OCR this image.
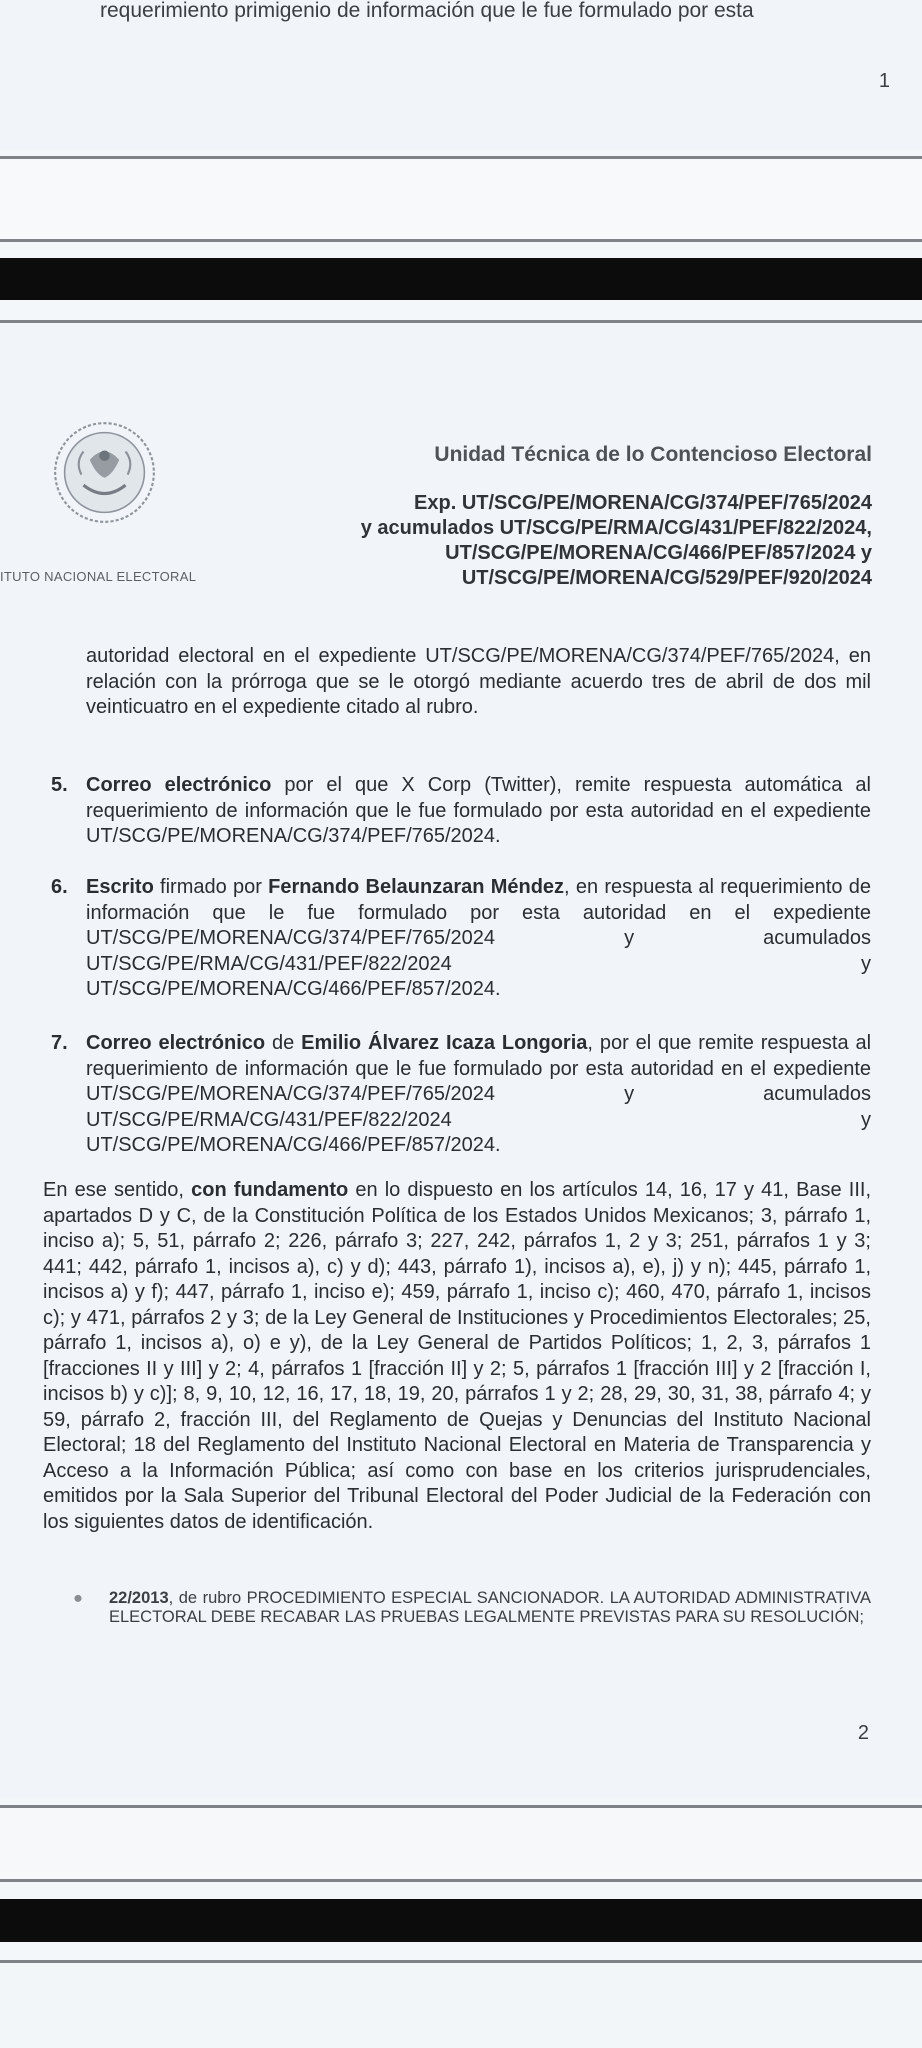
requerimiento primigenio de información que le fue formulado por esta
1
ITUTO NACIONAL ELECTORAL
Unidad Técnica de lo Contencioso Electoral
Exp. UT/SCG/PE/MORENA/CG/374/PEF/765/2024
y acumulados UT/SCG/PE/RMA/CG/431/PEF/822/2024,
UT/SCG/PE/MORENA/CG/466/PEF/857/2024 y
UT/SCG/PE/MORENA/CG/529/PEF/920/2024
autoridad electoral en el expediente UT/SCG/PE/MORENA/CG/374/PEF/765/2024, en relación con la prórroga que se le otorgó mediante acuerdo tres de abril de dos mil veinticuatro en el expediente citado al rubro.
5. Correo electrónico por el que X Corp (Twitter), remite respuesta automática al requerimiento de información que le fue formulado por esta autoridad en el expediente UT/SCG/PE/MORENA/CG/374/PEF/765/2024.
6. Escrito firmado por Fernando Belaunzaran Méndez, en respuesta al requerimiento de información que le fue formulado por esta autoridad en el expediente UT/SCG/PE/MORENA/CG/374/PEF/765/2024 y acumulados UT/SCG/PE/RMA/CG/431/PEF/822/2024 y UT/SCG/PE/MORENA/CG/466/PEF/857/2024.
7. Correo electrónico de Emilio Álvarez Icaza Longoria, por el que remite respuesta al requerimiento de información que le fue formulado por esta autoridad en el expediente UT/SCG/PE/MORENA/CG/374/PEF/765/2024 y acumulados UT/SCG/PE/RMA/CG/431/PEF/822/2024 y UT/SCG/PE/MORENA/CG/466/PEF/857/2024.
En ese sentido, con fundamento en lo dispuesto en los artículos 14, 16, 17 y 41, Base III, apartados D y C, de la Constitución Política de los Estados Unidos Mexicanos; 3, párrafo 1, inciso a); 5, 51, párrafo 2; 226, párrafo 3; 227, 242, párrafos 1, 2 y 3; 251, párrafos 1 y 3; 441; 442, párrafo 1, incisos a), c) y d); 443, párrafo 1), incisos a), e), j) y n); 445, párrafo 1, incisos a) y f); 447, párrafo 1, inciso e); 459, párrafo 1, inciso c); 460, 470, párrafo 1, incisos c); y 471, párrafos 2 y 3; de la Ley General de Instituciones y Procedimientos Electorales; 25, párrafo 1, incisos a), o) e y), de la Ley General de Partidos Políticos; 1, 2, 3, párrafos 1 [fracciones II y III] y 2; 4, párrafos 1 [fracción II] y 2; 5, párrafos 1 [fracción III] y 2 [fracción I, incisos b) y c)]; 8, 9, 10, 12, 16, 17, 18, 19, 20, párrafos 1 y 2; 28, 29, 30, 31, 38, párrafo 4; y 59, párrafo 2, fracción III, del Reglamento de Quejas y Denuncias del Instituto Nacional Electoral; 18 del Reglamento del Instituto Nacional Electoral en Materia de Transparencia y Acceso a la Información Pública; así como con base en los criterios jurisprudenciales, emitidos por la Sala Superior del Tribunal Electoral del Poder Judicial de la Federación con los siguientes datos de identificación.
● 22/2013, de rubro PROCEDIMIENTO ESPECIAL SANCIONADOR. LA AUTORIDAD ADMINISTRATIVA ELECTORAL DEBE RECABAR LAS PRUEBAS LEGALMENTE PREVISTAS PARA SU RESOLUCIÓN;
2
